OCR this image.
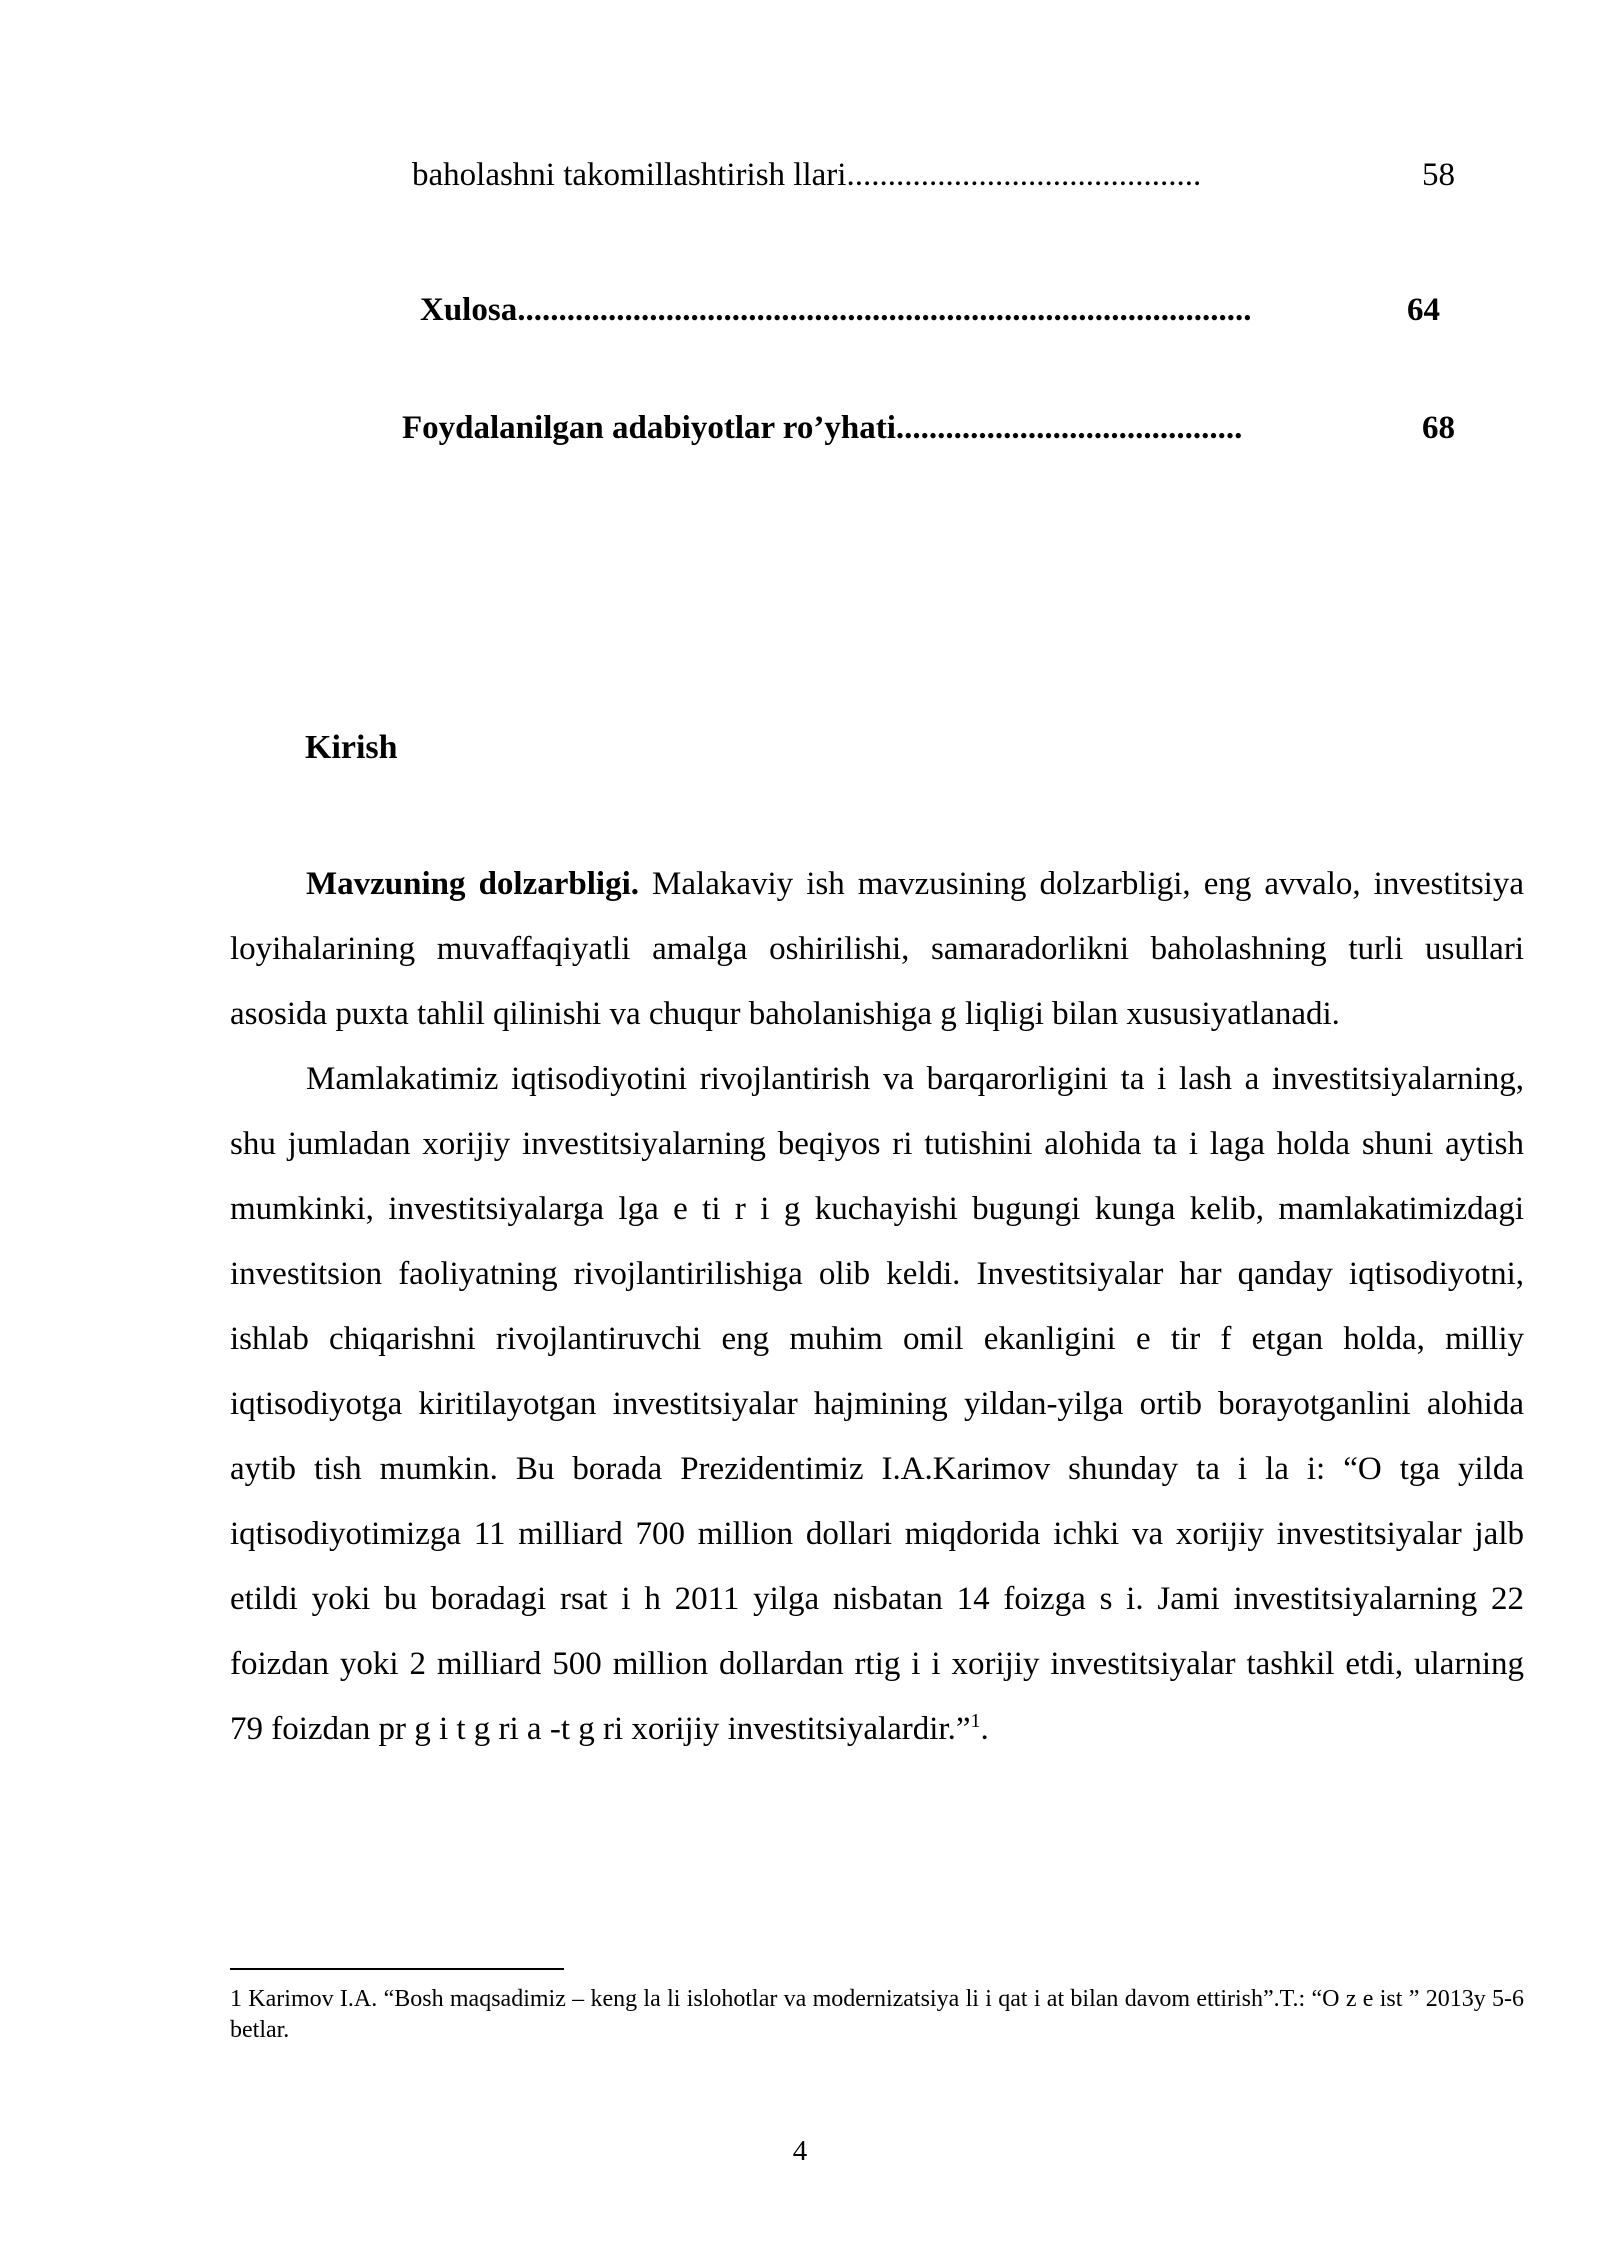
baholashni takomillashtirish llari...........................................	58
Xulosa.........................................................................................	64
Foydalanilgan adabiyotlar ro’yhati..........................................	68
Kirish

Mavzuning dolzarbligi. Malakaviy ish mavzusining dolzarbligi, eng avvalo, investitsiya loyihalarining muvaffaqiyatli amalga oshirilishi, samaradorlikni baholashning turli usullari asosida puxta tahlil qilinishi va chuqur baholanishiga g liqligi bilan xususiyatlanadi.

Mamlakatimiz iqtisodiyotini rivojlantirish va barqarorligini ta i lash a investitsiyalarning, shu jumladan xorijiy investitsiyalarning beqiyos ri tutishini alohida ta i laga holda shuni aytish mumkinki, investitsiyalarga lga e ti r i g kuchayishi bugungi kunga kelib, mamlakatimizdagi investitsion faoliyatning rivojlantirilishiga olib keldi. Investitsiyalar har qanday iqtisodiyotni, ishlab chiqarishni rivojlantiruvchi eng muhim omil ekanligini e tir f etgan holda, milliy iqtisodiyotga kiritilayotgan investitsiyalar hajmining yildan-yilga ortib borayotganlini alohida aytib tish mumkin. Bu borada Prezidentimiz I.A.Karimov shunday ta i la i: “O tga yilda iqtisodiyotimizga 11 milliard 700 million dollari miqdorida ichki va xorijiy investitsiyalar jalb etildi yoki bu boradagi rsat i h 2011 yilga nisbatan 14 foizga s i. Jami investitsiyalarning 22 foizdan yoki 2 milliard 500 million dollardan rtig i i xorijiy investitsiyalar tashkil etdi, ularning 79 foizdan pr g i t g ri a -t g ri xorijiy investitsiyalardir.”$^1$.

1 Karimov I.A. “Bosh maqsadimiz – keng la li islohotlar va modernizatsiya li i qat i at bilan davom ettirish”.T.: “O z e ist ” 2013y 5-6 betlar.
4
